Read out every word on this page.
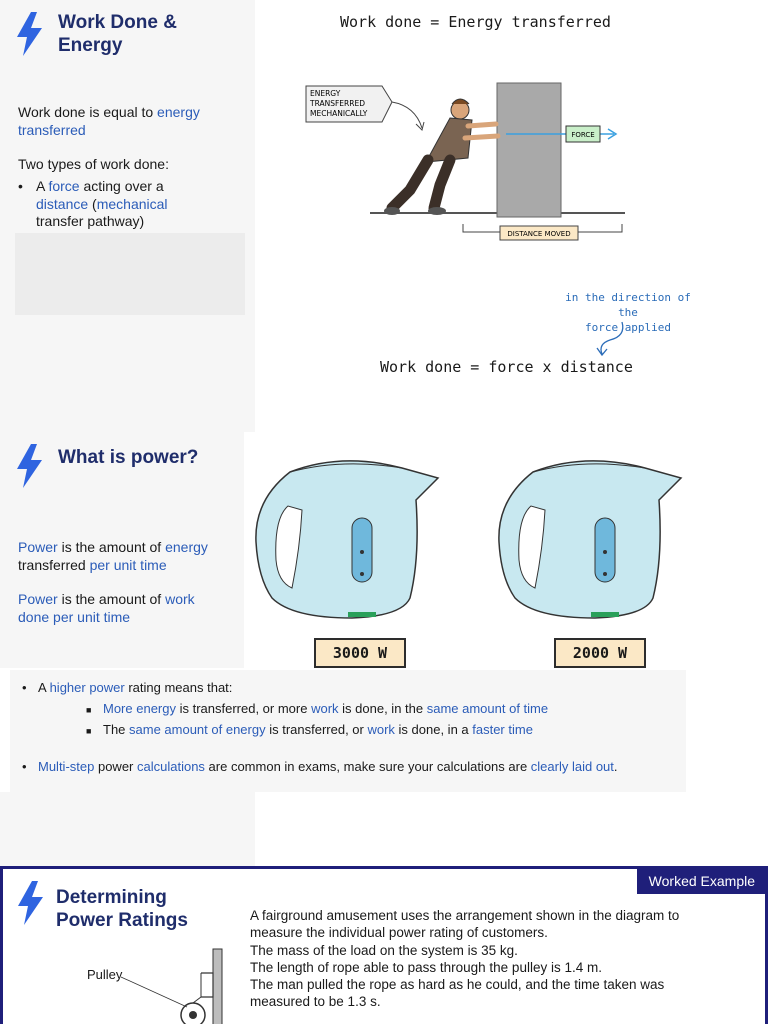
Work Done &
Energy
Work done is equal to energy transferred
Two types of work done:
• A force acting over a
distance (mechanical
transfer pathway)
Work done = Energy transferred
FORCE
ENERGY
TRANSFERRED
MECHANICALLY
DISTANCE MOVED
in the direction of the
force applied
Work done = force x distance
What is power?
Power is the amount of energy
transferred per unit time
Power is the amount of work
done per unit time
3000 W	2000 W
• A higher power rating means that:
■ More energy is transferred, or more work is done, in the same amount of time
■ The same amount of energy is transferred, or work is done, in a faster time
• Multi-step power calculations are common in exams, make sure your calculations are clearly laid out.
Worked Example
Determining
Power Ratings
Pulley
A fairground amusement uses the arrangement shown in the diagram to
measure the individual power rating of customers.
The mass of the load on the system is 35 kg.
The length of rope able to pass through the pulley is 1.4 m.
The man pulled the rope as hard as he could, and the time taken was
measured to be 1.3 s.
